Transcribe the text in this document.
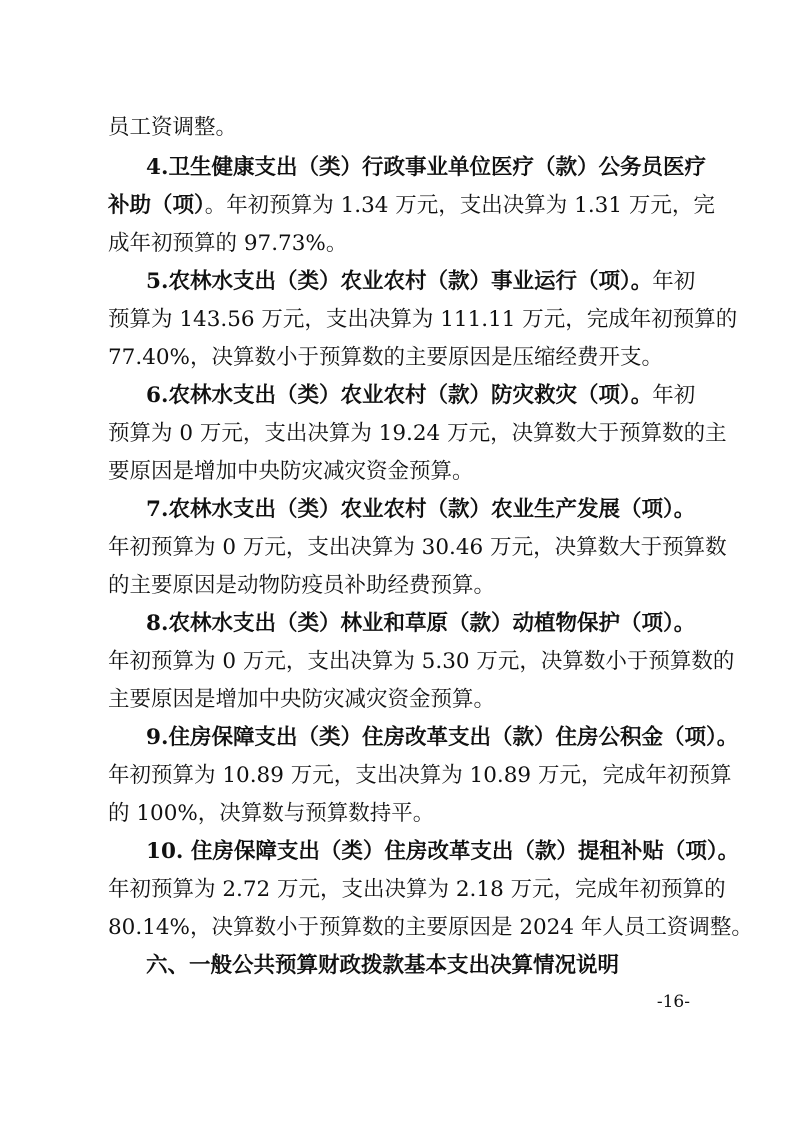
员工资调整。
4.卫生健康支出（类）行政事业单位医疗（款）公务员医疗
补助（项）。年初预算为 1.34 万元，支出决算为 1.31 万元，完
成年初预算的 97.73%。
5.农林水支出（类）农业农村（款）事业运行（项）。年初
预算为 143.56 万元，支出决算为 111.11 万元，完成年初预算的
77.40%，决算数小于预算数的主要原因是压缩经费开支。
6.农林水支出（类）农业农村（款）防灾救灾（项）。年初
预算为 0 万元，支出决算为 19.24 万元，决算数大于预算数的主
要原因是增加中央防灾减灾资金预算。
7.农林水支出（类）农业农村（款）农业生产发展（项）。
年初预算为 0 万元，支出决算为 30.46 万元，决算数大于预算数
的主要原因是动物防疫员补助经费预算。
8.农林水支出（类）林业和草原（款）动植物保护（项）。
年初预算为 0 万元，支出决算为 5.30 万元，决算数小于预算数的
主要原因是增加中央防灾减灾资金预算。
9.住房保障支出（类）住房改革支出（款）住房公积金（项）。
年初预算为 10.89 万元，支出决算为 10.89 万元，完成年初预算
的 100%，决算数与预算数持平。
10. 住房保障支出（类）住房改革支出（款）提租补贴（项）。
年初预算为 2.72 万元，支出决算为 2.18 万元，完成年初预算的
80.14%，决算数小于预算数的主要原因是 2024 年人员工资调整。
六、一般公共预算财政拨款基本支出决算情况说明
-16-
